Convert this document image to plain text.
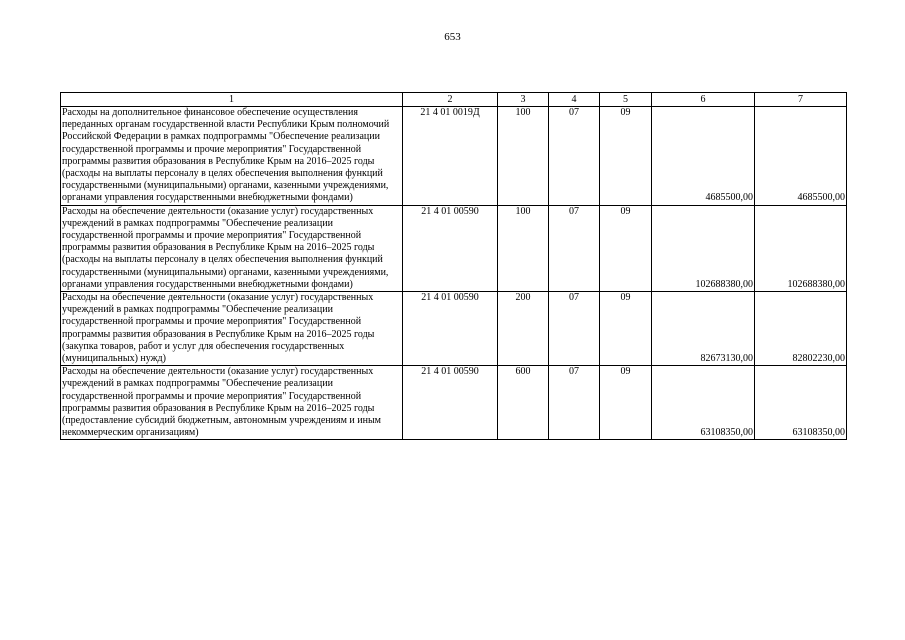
653
1	2	3	4	5	6	7
Расходы на дополнительное финансовое обеспечение осуществления переданных органам государственной власти Республики Крым полномочий Российской Федерации в рамках подпрограммы "Обеспечение реализации государственной программы и прочие мероприятия" Государственной программы развития образования в Республике Крым на 2016–2025 годы (расходы на выплаты персоналу в целях обеспечения выполнения функций государственными (муниципальными) органами, казенными учреждениями, органами управления государственными внебюджетными фондами)	21 4 01 0019Д	100	07	09	4685500,00	4685500,00
Расходы на обеспечение деятельности (оказание услуг) государственных учреждений в рамках подпрограммы "Обеспечение реализации государственной программы и прочие мероприятия" Государственной программы развития образования в Республике Крым на 2016–2025 годы (расходы на выплаты персоналу в целях обеспечения выполнения функций государственными (муниципальными) органами, казенными учреждениями, органами управления государственными внебюджетными фондами)	21 4 01 00590	100	07	09	102688380,00	102688380,00
Расходы на обеспечение деятельности (оказание услуг) государственных учреждений в рамках подпрограммы "Обеспечение реализации государственной программы и прочие мероприятия" Государственной программы развития образования в Республике Крым на 2016–2025 годы (закупка товаров, работ и услуг для обеспечения государственных (муниципальных) нужд)	21 4 01 00590	200	07	09	82673130,00	82802230,00
Расходы на обеспечение деятельности (оказание услуг) государственных учреждений в рамках подпрограммы "Обеспечение реализации государственной программы и прочие мероприятия" Государственной программы развития образования в Республике Крым на 2016–2025 годы (предоставление субсидий бюджетным, автономным учреждениям и иным некоммерческим организациям)	21 4 01 00590	600	07	09	63108350,00	63108350,00
